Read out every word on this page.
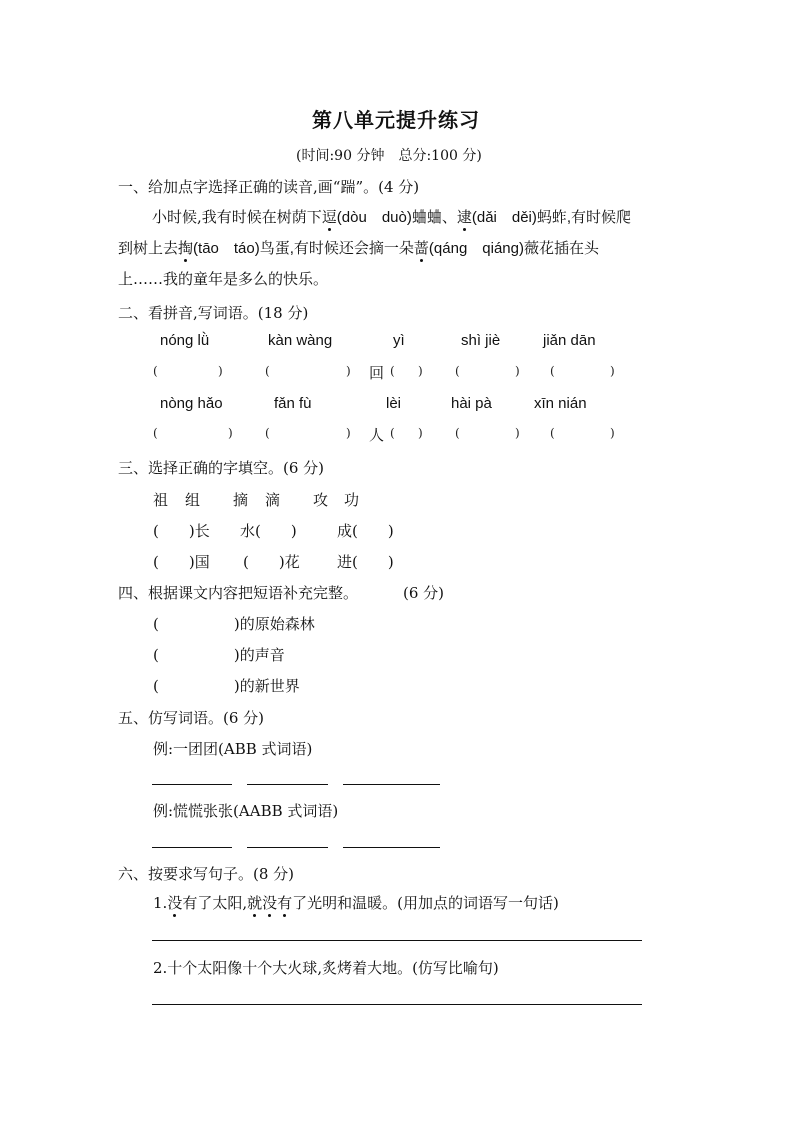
第八单元提升练习
(时间:90 分钟　总分:100 分)
一、给加点字选择正确的读音,画“踹”。(4 分)
小时候,我有时候在树荫下逗(dòu　duò)蛐蛐、逮(dǎi　děi)蚂蚱,有时候爬
到树上去掏(tāo　táo)鸟蛋,有时候还会摘一朵蔷(qáng　qiáng)薇花插在头
上……我的童年是多么的快乐。
二、看拼音,写词语。(18 分)
nóng lǜ	kàn wàng	yì	shì jiè	jiǎn dān
(	)	(	) 回 ( )	(	)	(	)
nòng hǎo	fǎn fù	lèi	hài pà	xīn nián
(	)	(	) 人 ( )	(	)	(	)
三、选择正确的字填空。(6 分)
祖 组 摘 滴 攻 功
(　　)长 水(　　)	成(　　)
(　　)国 (　　)花 进(　　)
四、根据课文内容把短语补充完整。	(6 分)
(　　　　　)的原始森林
(　　　　　)的声音
(　　　　　)的新世界
五、仿写词语。(6 分)
例:一团团(ABB 式词语)
例:慌慌张张(AABB 式词语)
六、按要求写句子。(8 分)
1.没有了太阳,就没有了光明和温暖。(用加点的词语写一句话)
2.十个太阳像十个大火球,炙烤着大地。(仿写比喻句)
